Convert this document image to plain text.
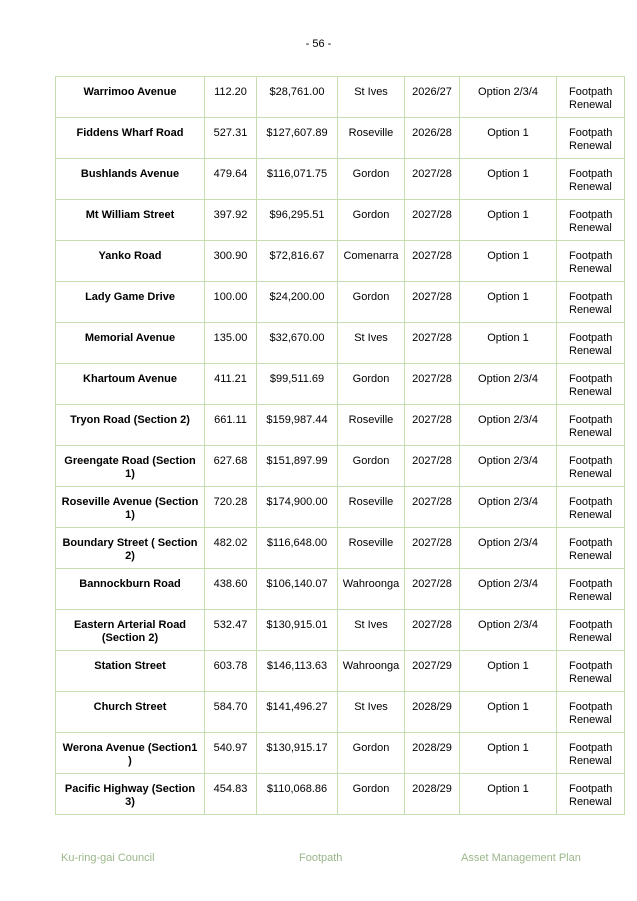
- 56 -
Warrimoo Avenue	112.20	$28,761.00	St Ives	2026/27	Option 2/3/4	Footpath Renewal
Fiddens Wharf Road	527.31	$127,607.89	Roseville	2026/28	Option 1	Footpath Renewal
Bushlands Avenue	479.64	$116,071.75	Gordon	2027/28	Option 1	Footpath Renewal
Mt William Street	397.92	$96,295.51	Gordon	2027/28	Option 1	Footpath Renewal
Yanko Road	300.90	$72,816.67	Comenarra	2027/28	Option 1	Footpath Renewal
Lady Game Drive	100.00	$24,200.00	Gordon	2027/28	Option 1	Footpath Renewal
Memorial Avenue	135.00	$32,670.00	St Ives	2027/28	Option 1	Footpath Renewal
Khartoum Avenue	411.21	$99,511.69	Gordon	2027/28	Option 2/3/4	Footpath Renewal
Tryon Road (Section 2)	661.11	$159,987.44	Roseville	2027/28	Option 2/3/4	Footpath Renewal
Greengate Road (Section 1)	627.68	$151,897.99	Gordon	2027/28	Option 2/3/4	Footpath Renewal
Roseville Avenue (Section 1)	720.28	$174,900.00	Roseville	2027/28	Option 2/3/4	Footpath Renewal
Boundary Street ( Section 2)	482.02	$116,648.00	Roseville	2027/28	Option 2/3/4	Footpath Renewal
Bannockburn Road	438.60	$106,140.07	Wahroonga	2027/28	Option 2/3/4	Footpath Renewal
Eastern Arterial Road (Section 2)	532.47	$130,915.01	St Ives	2027/28	Option 2/3/4	Footpath Renewal
Station Street	603.78	$146,113.63	Wahroonga	2027/29	Option 1	Footpath Renewal
Church Street	584.70	$141,496.27	St Ives	2028/29	Option 1	Footpath Renewal
Werona Avenue (Section1 )	540.97	$130,915.17	Gordon	2028/29	Option 1	Footpath Renewal
Pacific Highway (Section 3)	454.83	$110,068.86	Gordon	2028/29	Option 1	Footpath Renewal
Ku-ring-gai Council	Footpath	Asset Management Plan
